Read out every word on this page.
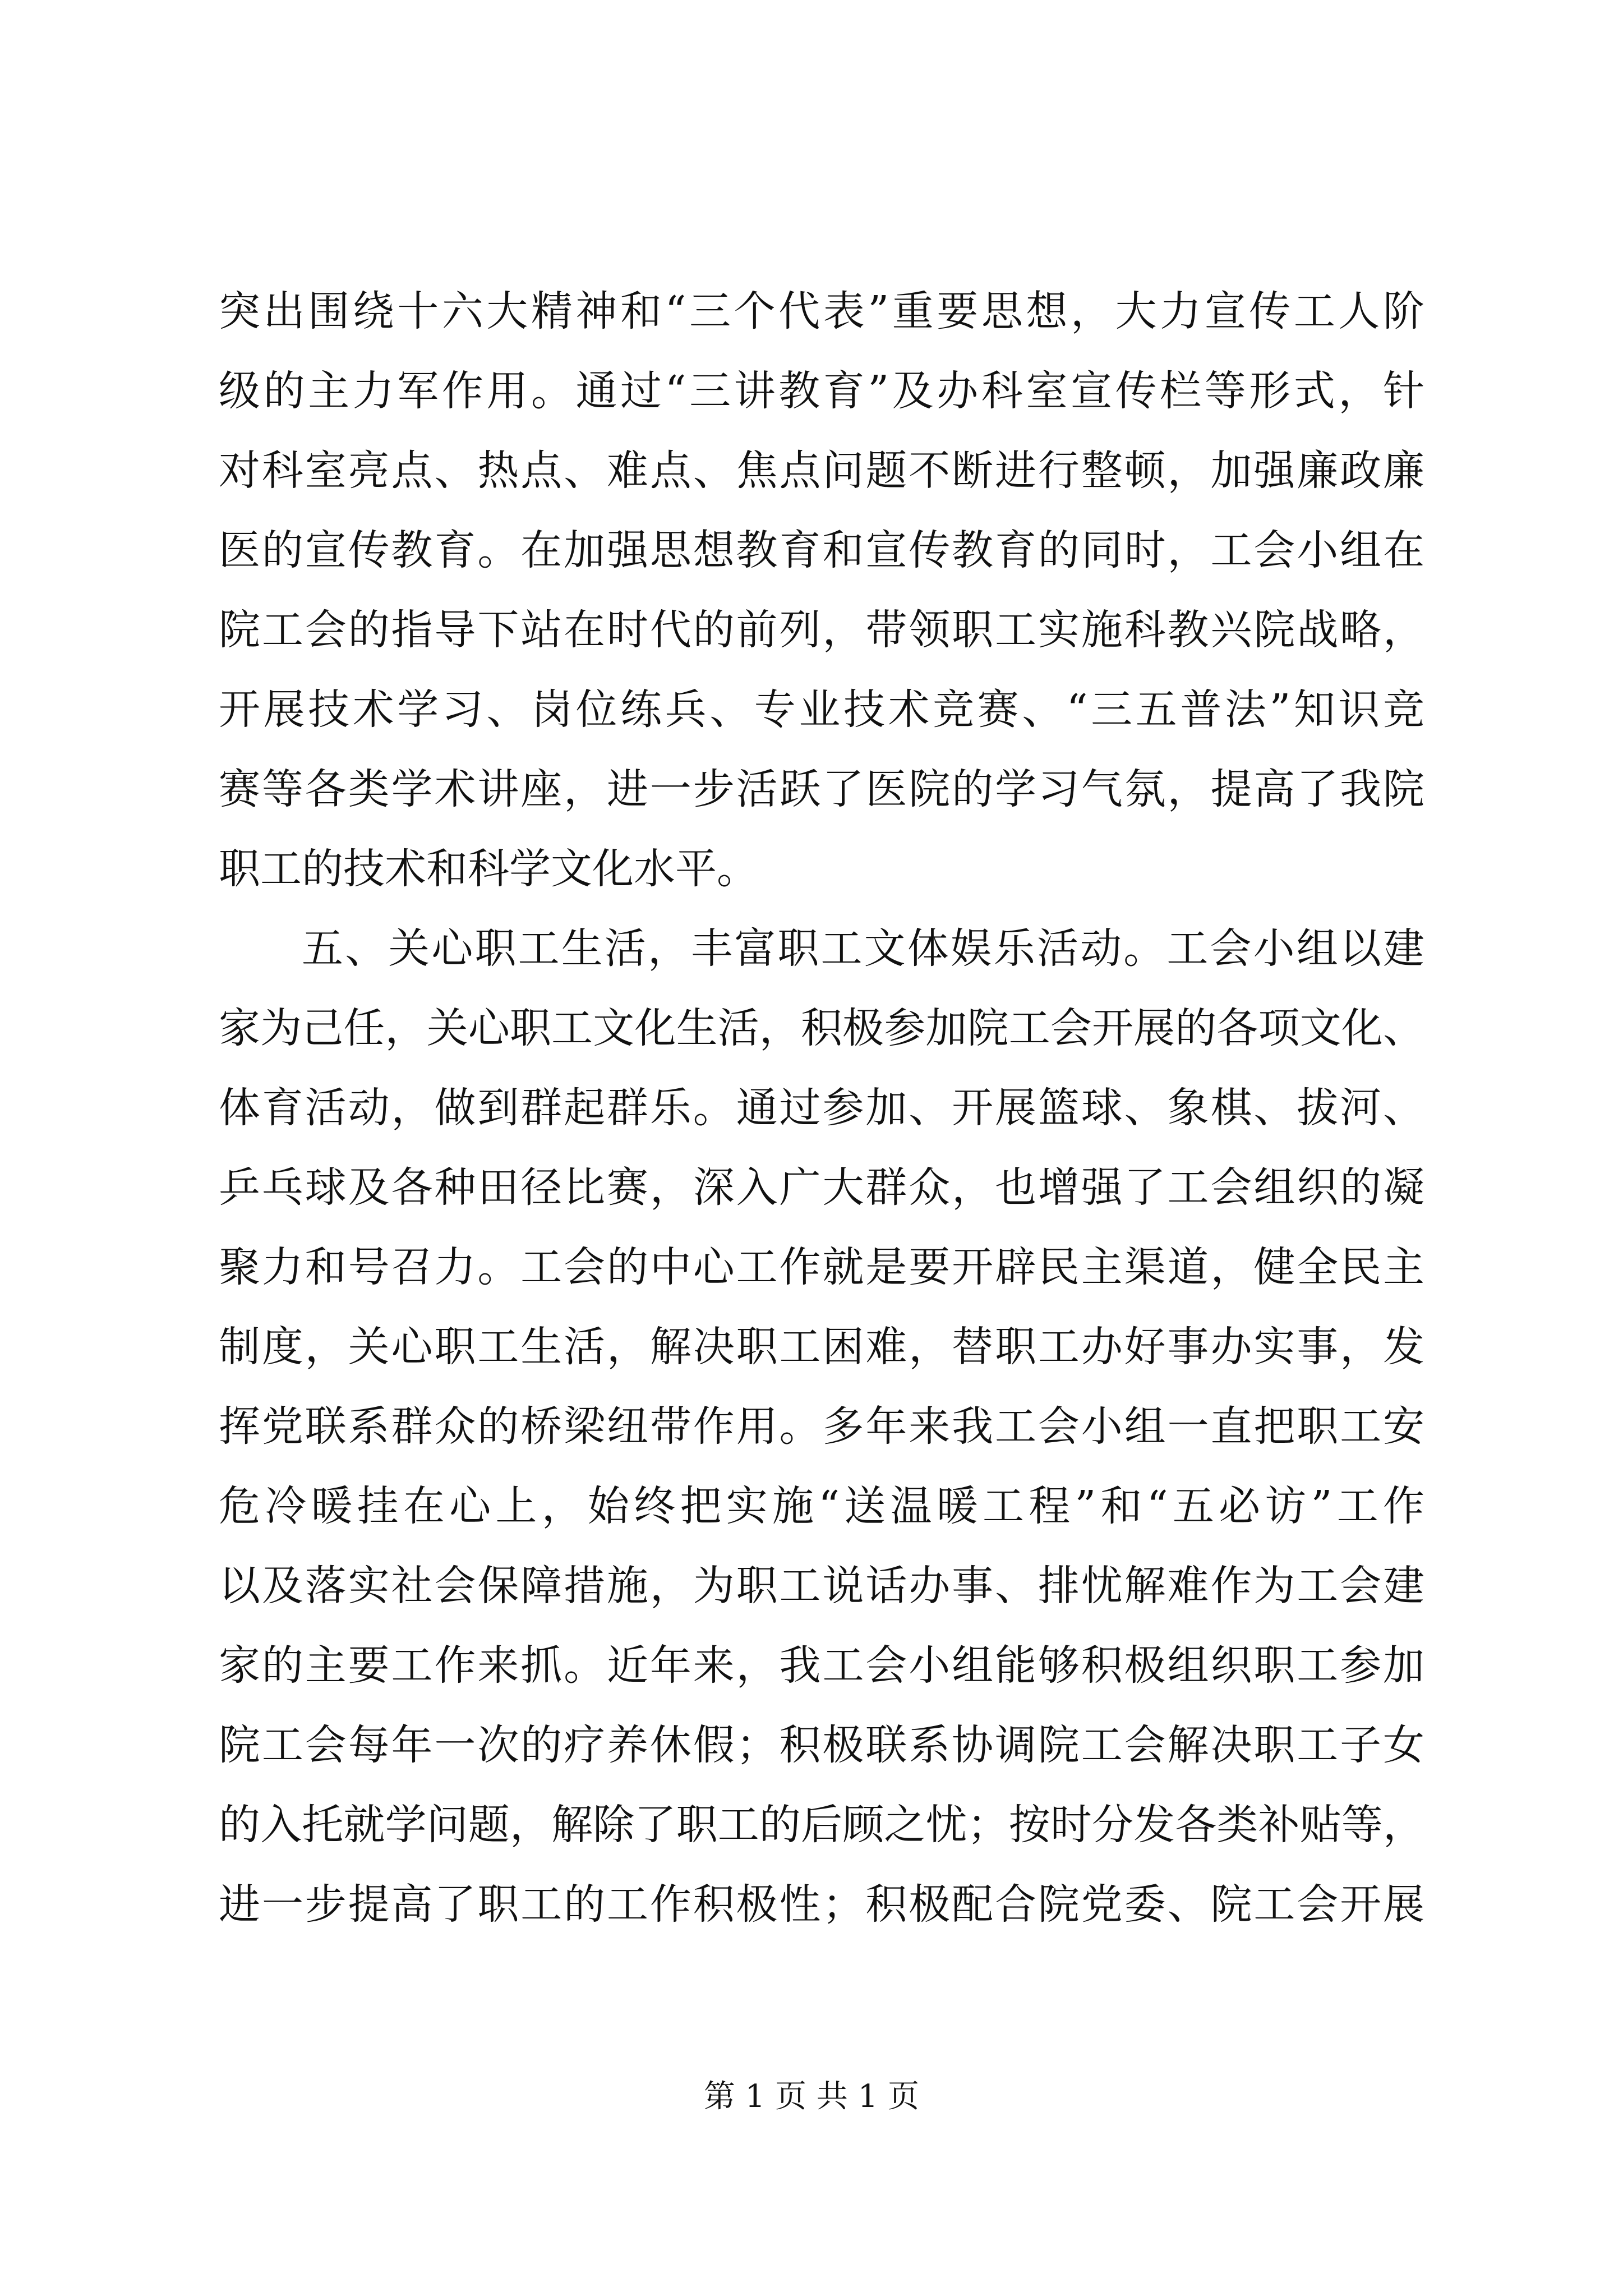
突出围绕十六大精神和“三个代表”重要思想，大力宣传工人阶
级的主力军作用。通过“三讲教育”及办科室宣传栏等形式，针
对科室亮点、热点、难点、焦点问题不断进行整顿，加强廉政廉
医的宣传教育。在加强思想教育和宣传教育的同时，工会小组在
院工会的指导下站在时代的前列，带领职工实施科教兴院战略，
开展技术学习、岗位练兵、专业技术竞赛、“三五普法”知识竞
赛等各类学术讲座，进一步活跃了医院的学习气氛，提高了我院
职工的技术和科学文化水平。
五、关心职工生活，丰富职工文体娱乐活动。工会小组以建
家为己任，关心职工文化生活，积极参加院工会开展的各项文化、
体育活动，做到群起群乐。通过参加、开展篮球、象棋、拔河、
乒乓球及各种田径比赛，深入广大群众，也增强了工会组织的凝
聚力和号召力。工会的中心工作就是要开辟民主渠道，健全民主
制度，关心职工生活，解决职工困难，替职工办好事办实事，发
挥党联系群众的桥梁纽带作用。多年来我工会小组一直把职工安
危冷暖挂在心上，始终把实施“送温暖工程”和“五必访”工作
以及落实社会保障措施，为职工说话办事、排忧解难作为工会建
家的主要工作来抓。近年来，我工会小组能够积极组织职工参加
院工会每年一次的疗养休假；积极联系协调院工会解决职工子女
的入托就学问题，解除了职工的后顾之忧；按时分发各类补贴等，
进一步提高了职工的工作积极性；积极配合院党委、院工会开展
第 1 页 共 1 页
